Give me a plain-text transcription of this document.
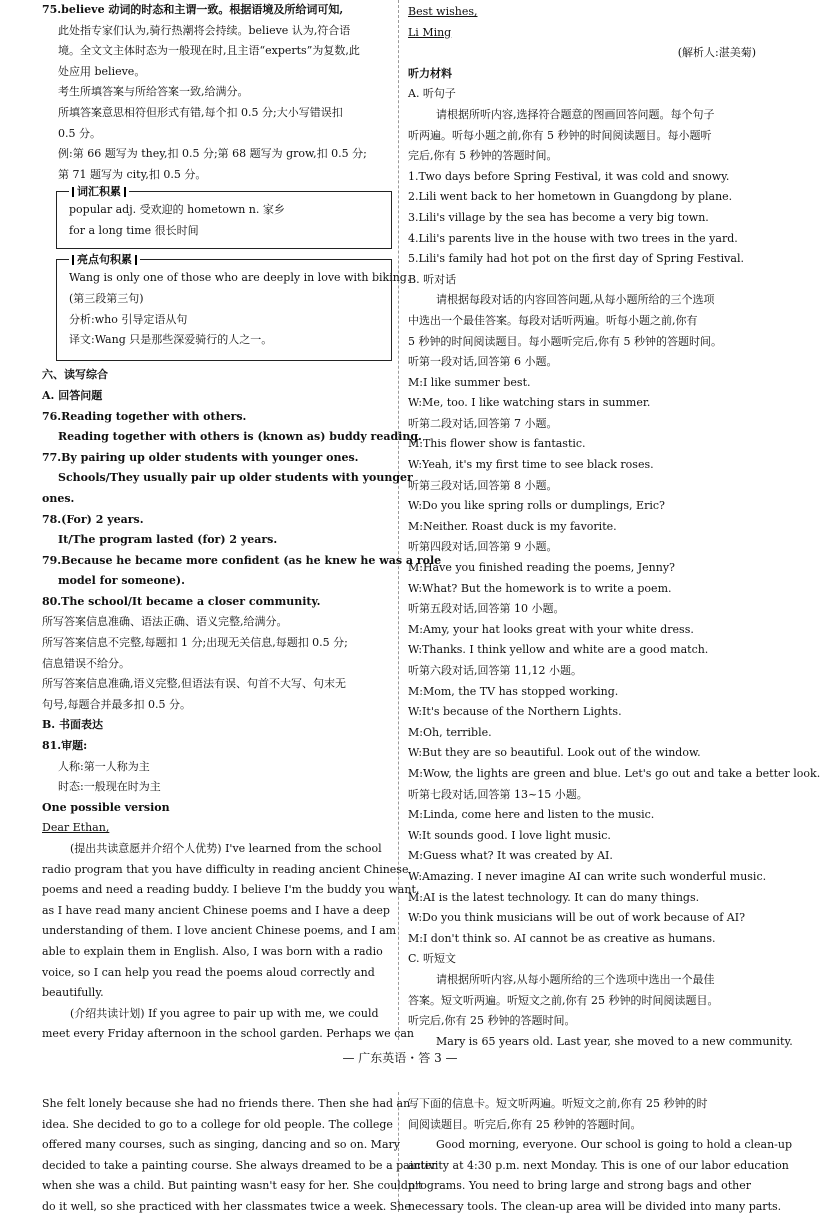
75.believe 动词的时态和主谓一致。根据语境及所给词可知,
此处指专家们认为,骑行热潮将会持续。believe 认为,符合语
境。全文文主体时态为一般现在时,且主语“experts”为复数,此
处应用 believe。
考生所填答案与所给答案一致,给满分。
所填答案意思相符但形式有错,每个扣 0.5 分;大小写错误扣
0.5 分。
例:第 66 题写为 they,扣 0.5 分;第 68 题写为 grow,扣 0.5 分;
第 71 题写为 city,扣 0.5 分。
词汇积累
popular adj. 受欢迎的 hometown n. 家乡
for a long time 很长时间
亮点句积累
Wang is only one of those who are deeply in love with biking.
(第三段第三句)
分析:who 引导定语从句
译文:Wang 只是那些深爱骑行的人之一。
六、读写综合
A. 回答问题
76.Reading together with others.
Reading together with others is (known as) buddy reading.
77.By pairing up older students with younger ones.
Schools/They usually pair up older students with younger
ones.
78.(For) 2 years.
It/The program lasted (for) 2 years.
79.Because he became more confident (as he knew he was a role
model for someone).
80.The school/It became a closer community.
所写答案信息准确、语法正确、语义完整,给满分。
所写答案信息不完整,每题扣 1 分;出现无关信息,每题扣 0.5 分;
信息错误不给分。
所写答案信息准确,语义完整,但语法有误、句首不大写、句末无
句号,每题合并最多扣 0.5 分。
B. 书面表达
81.审题:
人称:第一人称为主
时态:一般现在时为主
One possible version
Dear Ethan,
(提出共读意愿并介绍个人优势) I've learned from the school
radio program that you have difficulty in reading ancient Chinese
poems and need a reading buddy. I believe I'm the buddy you want,
as I have read many ancient Chinese poems and I have a deep
understanding of them. I love ancient Chinese poems, and I am
able to explain them in English. Also, I was born with a radio
voice, so I can help you read the poems aloud correctly and
beautifully.
(介绍共读计划) If you agree to pair up with me, we could
meet every Friday afternoon in the school garden. Perhaps we can
Best wishes,
Li Ming
(解析人:湛美菊)
听力材料
A. 听句子
请根据所听内容,选择符合题意的图画回答问题。每个句子
听两遍。听每小题之前,你有 5 秒钟的时间阅读题目。每小题听
完后,你有 5 秒钟的答题时间。
1.Two days before Spring Festival, it was cold and snowy.
2.Lili went back to her hometown in Guangdong by plane.
3.Lili's village by the sea has become a very big town.
4.Lili's parents live in the house with two trees in the yard.
5.Lili's family had hot pot on the first day of Spring Festival.
B. 听对话
请根据每段对话的内容回答问题,从每小题所给的三个选项
中选出一个最佳答案。每段对话听两遍。听每小题之前,你有
5 秒钟的时间阅读题目。每小题听完后,你有 5 秒钟的答题时间。
听第一段对话,回答第 6 小题。
M:I like summer best.
W:Me, too. I like watching stars in summer.
听第二段对话,回答第 7 小题。
M:This flower show is fantastic.
W:Yeah, it's my first time to see black roses.
听第三段对话,回答第 8 小题。
W:Do you like spring rolls or dumplings, Eric?
M:Neither. Roast duck is my favorite.
听第四段对话,回答第 9 小题。
M:Have you finished reading the poems, Jenny?
W:What? But the homework is to write a poem.
听第五段对话,回答第 10 小题。
M:Amy, your hat looks great with your white dress.
W:Thanks. I think yellow and white are a good match.
听第六段对话,回答第 11,12 小题。
M:Mom, the TV has stopped working.
W:It's because of the Northern Lights.
M:Oh, terrible.
W:But they are so beautiful. Look out of the window.
M:Wow, the lights are green and blue. Let's go out and take a better look.
听第七段对话,回答第 13~15 小题。
M:Linda, come here and listen to the music.
W:It sounds good. I love light music.
M:Guess what? It was created by AI.
W:Amazing. I never imagine AI can write such wonderful music.
M:AI is the latest technology. It can do many things.
W:Do you think musicians will be out of work because of AI?
M:I don't think so. AI cannot be as creative as humans.
C. 听短文
请根据所听内容,从每小题所给的三个选项中选出一个最佳
答案。短文听两遍。听短文之前,你有 25 秒钟的时间阅读题目。
听完后,你有 25 秒钟的答题时间。
Mary is 65 years old. Last year, she moved to a new community.
— 广东英语・答 3 —
She felt lonely because she had no friends there. Then she had an
idea. She decided to go to a college for old people. The college
offered many courses, such as singing, dancing and so on. Mary
decided to take a painting course. She always dreamed to be a painter
when she was a child. But painting wasn't easy for her. She couldn't
do it well, so she practiced with her classmates twice a week. She
写下面的信息卡。短文听两遍。听短文之前,你有 25 秒钟的时
间阅读题目。听完后,你有 25 秒钟的答题时间。
Good morning, everyone. Our school is going to hold a clean-up
activity at 4:30 p.m. next Monday. This is one of our labor education
programs. You need to bring large and strong bags and other
necessary tools. The clean-up area will be divided into many parts.
